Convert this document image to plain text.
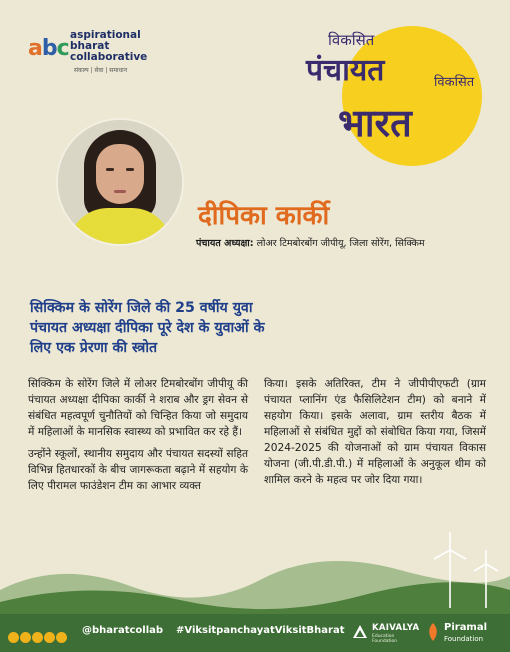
abc
aspirational
bharat
collaborative
संकल्प | सेवा | समाधान
विकसित
पंचायत	विकसित
भारत
दीपिका कार्की
पंचायत अध्यक्षा: लोअर टिमबोरबोंग जीपीयू, जिला सोरेंग, सिक्किम
सिक्किम के सोरेंग जिले की 25 वर्षीय युवा
पंचायत अध्यक्षा दीपिका पूरे देश के युवाओं के
लिए एक प्रेरणा की स्त्रोत

सिक्किम के सोरेंग जिले में लोअर टिमबोरबोंग जीपीयू की पंचायत अध्यक्षा दीपिका कार्की ने शराब और ड्रग सेवन से संबंधित महत्वपूर्ण चुनौतियों को चिन्हित किया जो समुदाय में महिलाओं के मानसिक स्वास्थ्य को प्रभावित कर रहे हैं।

उन्होंने स्कूलों, स्थानीय समुदाय और पंचायत सदस्यों सहित विभिन्न हितधारकों के बीच जागरूकता बढ़ाने में सहयोग के लिए पीरामल फाउंडेशन टीम का आभार व्यक्त

किया। इसके अतिरिक्त, टीम ने जीपीपीएफटी (ग्राम पंचायत प्लानिंग एंड फैसिलिटेशन टीम) को बनाने में सहयोग किया। इसके अलावा, ग्राम स्तरीय बैठक में महिलाओं से संबंधित मुद्दों को संबोधित किया गया, जिसमें 2024-2025 की योजनाओं को ग्राम पंचायत विकास योजना (जी.पी.डी.पी.) में महिलाओं के अनुकूल थीम को शामिल करने के महत्व पर जोर दिया गया।

@bharatcollab #ViksitpanchayatViksitBharat	KAIVALYA
Education Foundation
Piramal
Foundation
